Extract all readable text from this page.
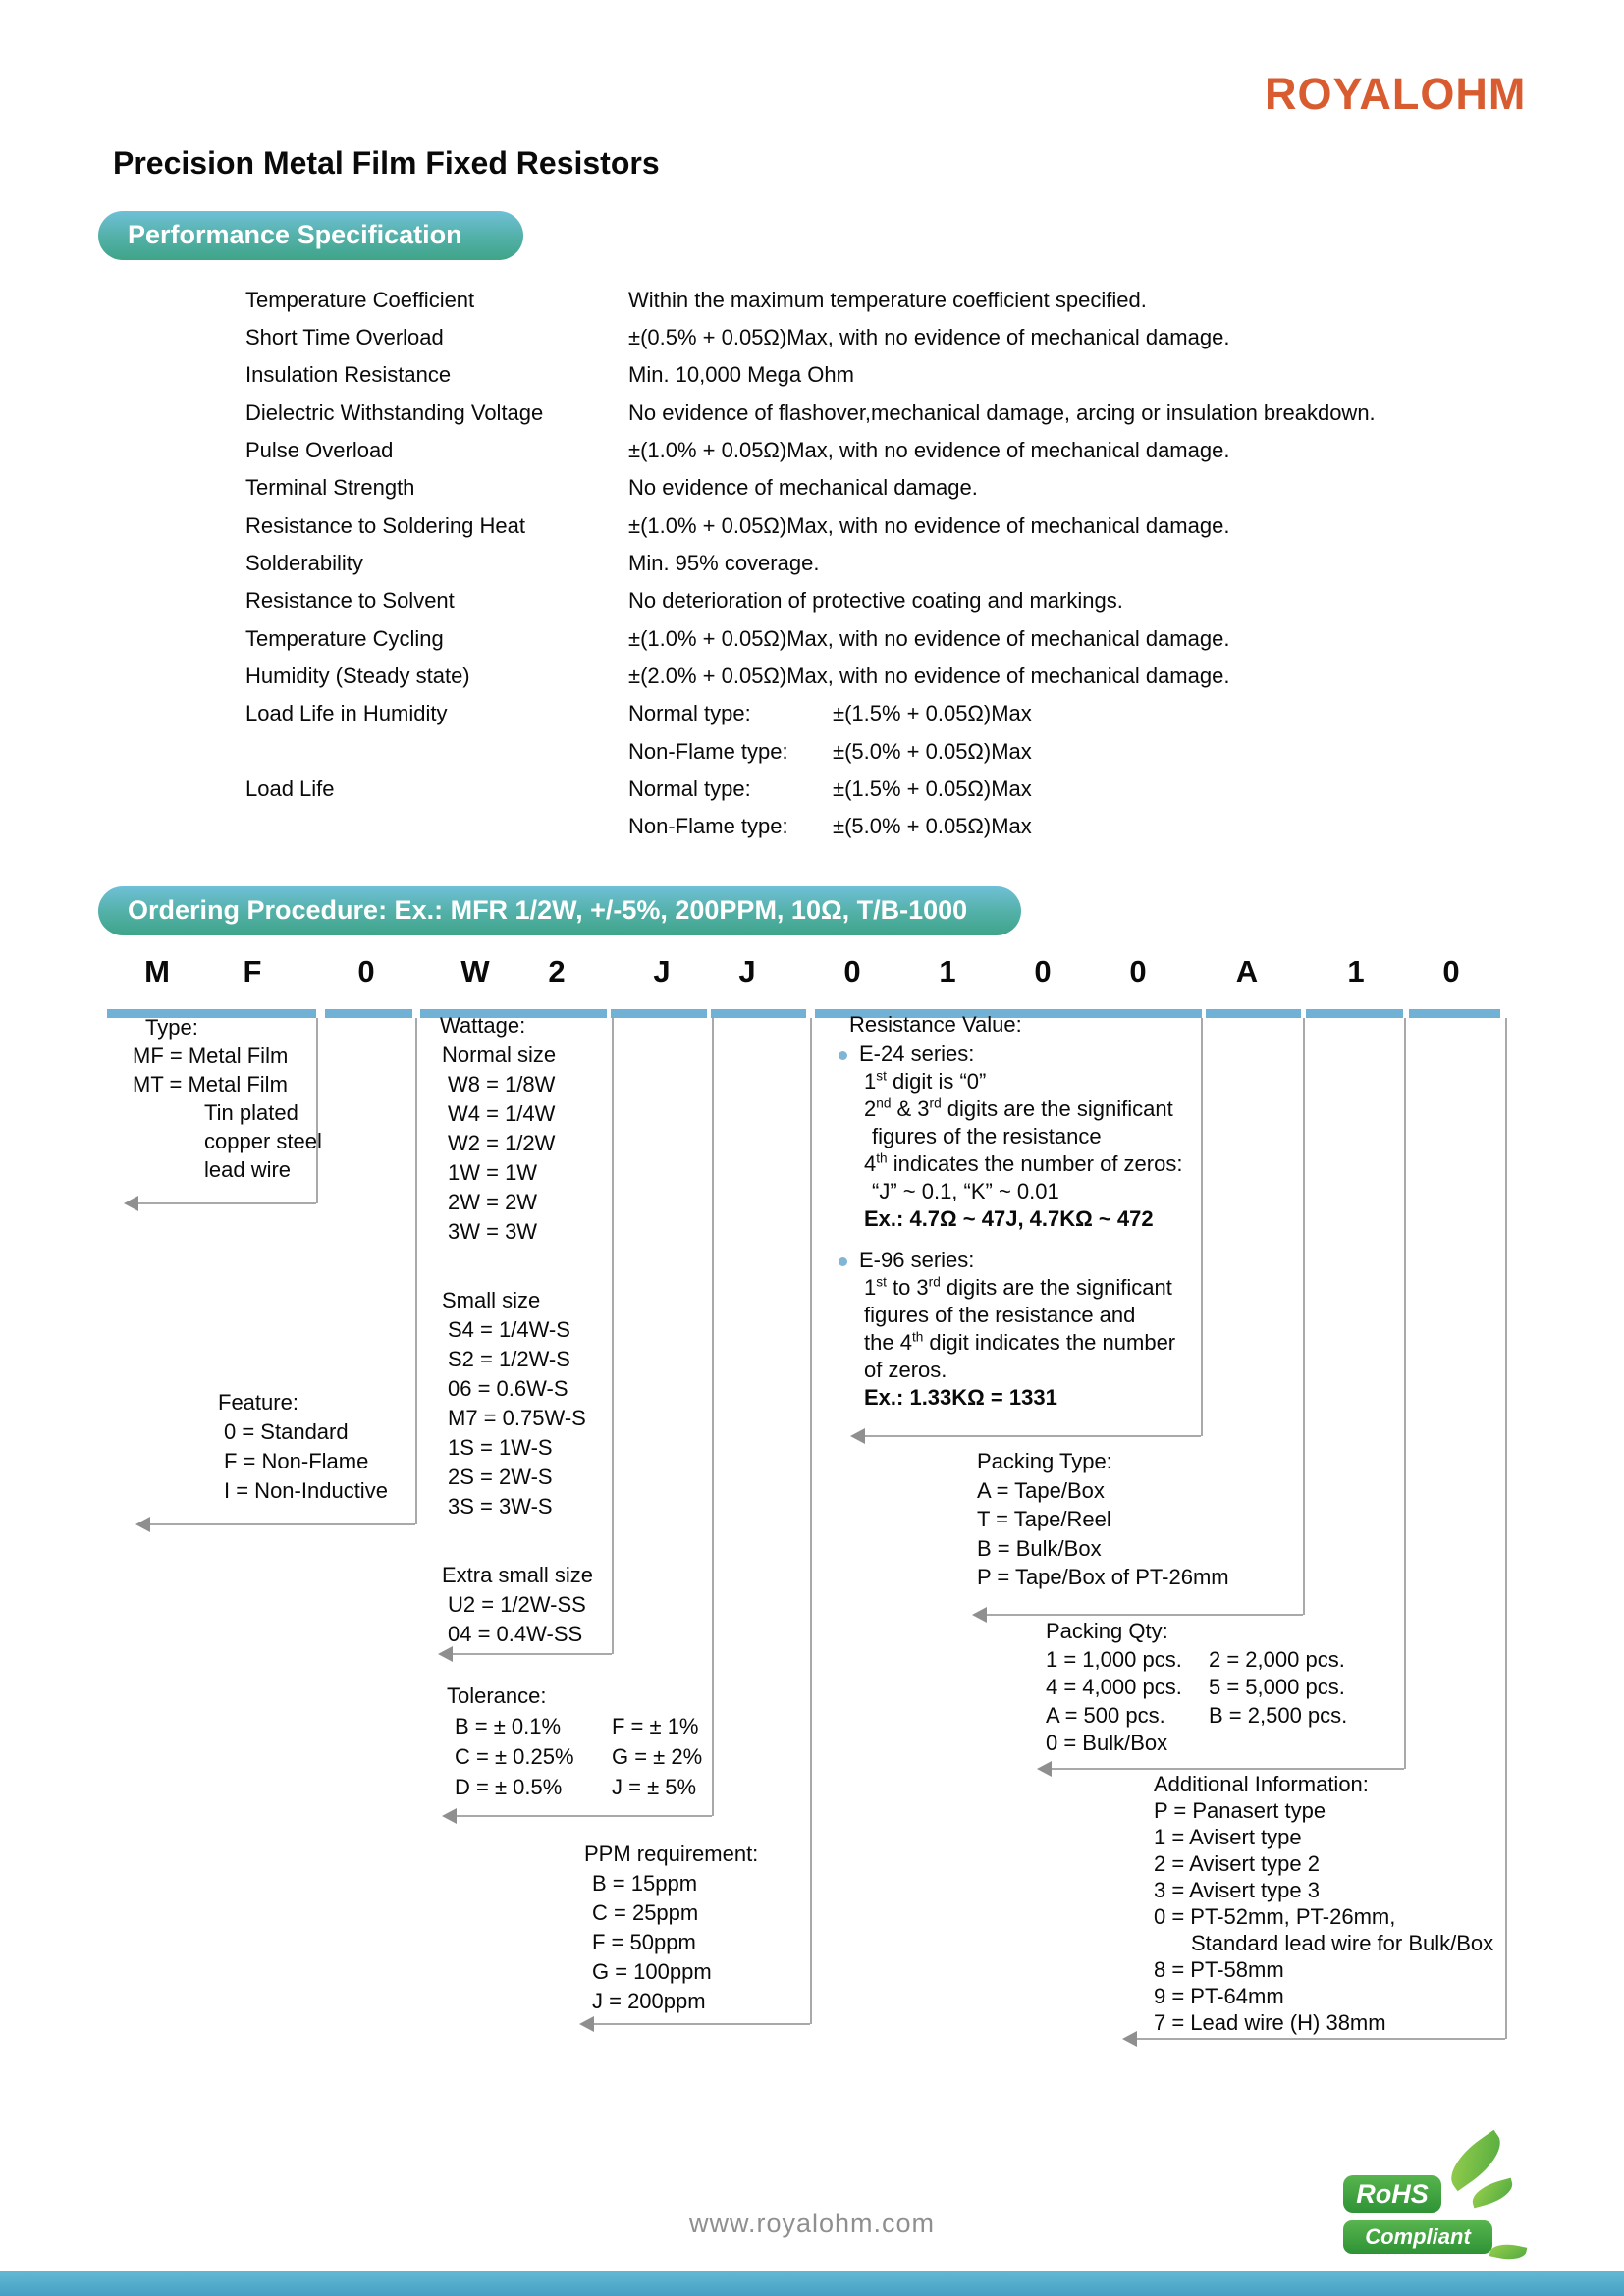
ROYALOHM
Precision Metal Film Fixed Resistors
Performance Specification
Temperature Coefficient	Within the maximum temperature coefficient specified.
Short Time Overload	±(0.5% + 0.05Ω)Max, with no evidence of mechanical damage.
Insulation Resistance	Min. 10,000 Mega Ohm
Dielectric Withstanding Voltage	No evidence of flashover,mechanical damage, arcing or insulation breakdown.
Pulse Overload	±(1.0% + 0.05Ω)Max, with no evidence of mechanical damage.
Terminal Strength	No evidence of mechanical damage.
Resistance to Soldering Heat	±(1.0% + 0.05Ω)Max, with no evidence of mechanical damage.
Solderability	Min. 95% coverage.
Resistance to Solvent	No deterioration of protective coating and markings.
Temperature Cycling	±(1.0% + 0.05Ω)Max, with no evidence of mechanical damage.
Humidity (Steady state)	±(2.0% + 0.05Ω)Max, with no evidence of mechanical damage.
Load Life in Humidity	Normal type:	±(1.5% + 0.05Ω)Max
Non-Flame type: ±(5.0% + 0.05Ω)Max
Load Life	Normal type:	±(1.5% + 0.05Ω)Max
Non-Flame type: ±(5.0% + 0.05Ω)Max
Ordering Procedure: Ex.: MFR 1/2W, +/-5%, 200PPM, 10Ω, T/B-1000
M	F	0	W	2	J	J	0	1	0	0	A	1	0
Type:
MF = Metal Film
MT = Metal Film
Tin plated
copper steel
lead wire
Feature:
0 = Standard
F = Non-Flame
I = Non-Inductive
Wattage:
Normal size
W8 = 1/8W
W4 = 1/4W
W2 = 1/2W
1W = 1W
2W = 2W
3W = 3W
Small size
S4 = 1/4W-S
S2 = 1/2W-S
06 = 0.6W-S
M7 = 0.75W-S
1S = 1W-S
2S = 2W-S
3S = 3W-S
Extra small size
U2 = 1/2W-SS
04 = 0.4W-SS
Tolerance:
B = ± 0.1%	F = ± 1%
C = ± 0.25%	G = ± 2%
D = ± 0.5%	J = ± 5%
PPM requirement:
B = 15ppm
C = 25ppm
F = 50ppm
G = 100ppm
J = 200ppm
Resistance Value:
E-24 series:
1st digit is “0”
2nd & 3rd digits are the significant
figures of the resistance
4th indicates the number of zeros:
“J” ~ 0.1, “K” ~ 0.01
Ex.: 4.7Ω ~ 47J, 4.7KΩ ~ 472
E-96 series:
1st to 3rd digits are the significant
figures of the resistance and
the 4th digit indicates the number
of zeros.
Ex.: 1.33KΩ = 1331
Packing Type:
A = Tape/Box
T = Tape/Reel
B = Bulk/Box
P = Tape/Box of PT-26mm
Packing Qty:
1 = 1,000 pcs.	2 = 2,000 pcs.
4 = 4,000 pcs.	5 = 5,000 pcs.
A = 500 pcs.	B = 2,500 pcs.
0 = Bulk/Box
Additional Information:
P = Panasert type
1 = Avisert type
2 = Avisert type 2
3 = Avisert type 3
0 = PT-52mm, PT-26mm,
Standard lead wire for Bulk/Box
8 = PT-58mm
9 = PT-64mm
7 = Lead wire (H) 38mm
www.royalohm.com
RoHS
Compliant
